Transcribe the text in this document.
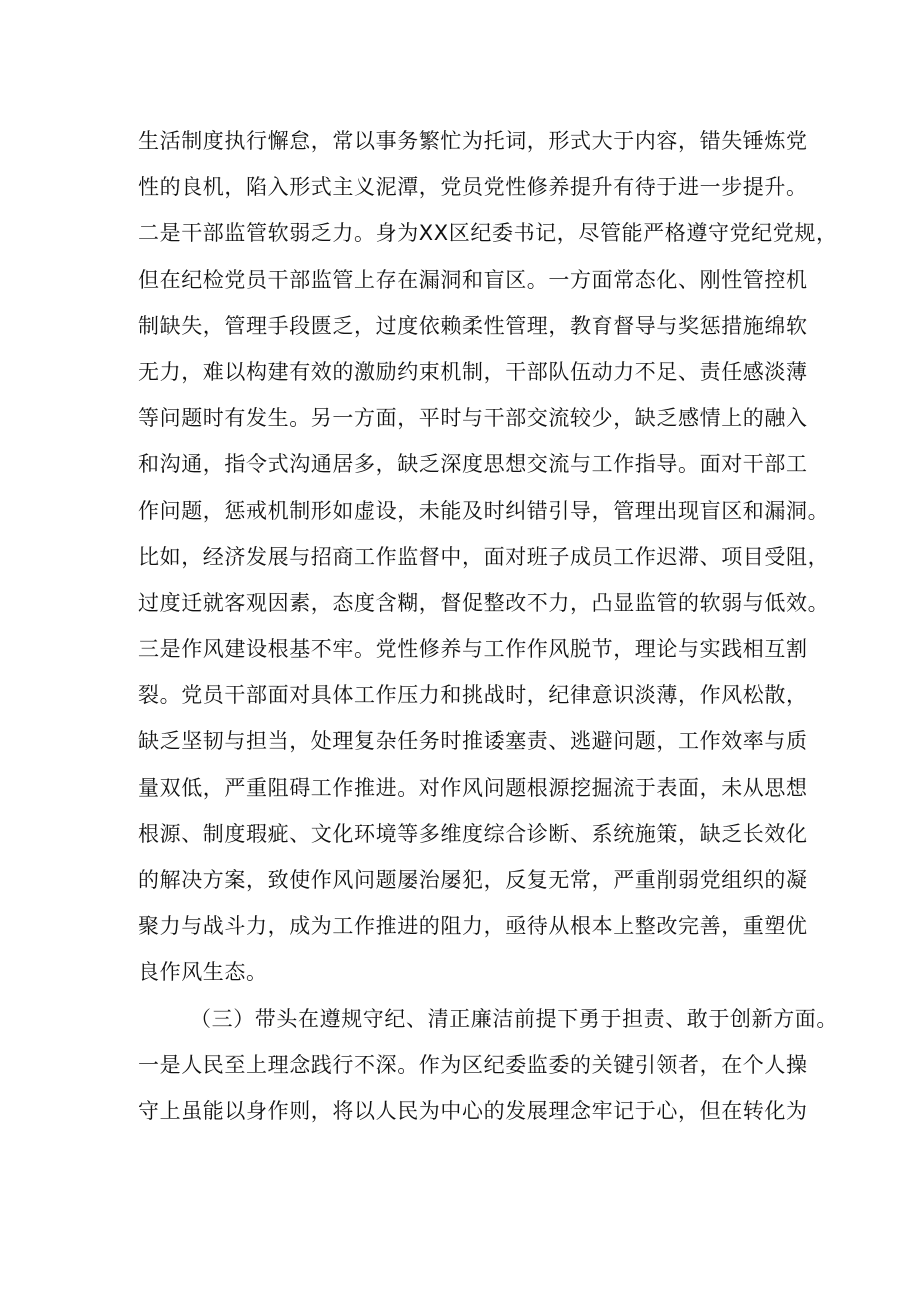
生活制度执行懈怠，常以事务繁忙为托词，形式大于内容，错失锤炼党
性的良机，陷入形式主义泥潭，党员党性修养提升有待于进一步提升。
二是干部监管软弱乏力。身为XX区纪委书记，尽管能严格遵守党纪党规，
但在纪检党员干部监管上存在漏洞和盲区。一方面常态化、刚性管控机
制缺失，管理手段匮乏，过度依赖柔性管理，教育督导与奖惩措施绵软
无力，难以构建有效的激励约束机制，干部队伍动力不足、责任感淡薄
等问题时有发生。另一方面，平时与干部交流较少，缺乏感情上的融入
和沟通，指令式沟通居多，缺乏深度思想交流与工作指导。面对干部工
作问题，惩戒机制形如虚设，未能及时纠错引导，管理出现盲区和漏洞。
比如，经济发展与招商工作监督中，面对班子成员工作迟滞、项目受阻，
过度迁就客观因素，态度含糊，督促整改不力，凸显监管的软弱与低效。
三是作风建设根基不牢。党性修养与工作作风脱节，理论与实践相互割
裂。党员干部面对具体工作压力和挑战时，纪律意识淡薄，作风松散，
缺乏坚韧与担当，处理复杂任务时推诿塞责、逃避问题，工作效率与质
量双低，严重阻碍工作推进。对作风问题根源挖掘流于表面，未从思想
根源、制度瑕疵、文化环境等多维度综合诊断、系统施策，缺乏长效化
的解决方案，致使作风问题屡治屡犯，反复无常，严重削弱党组织的凝
聚力与战斗力，成为工作推进的阻力，亟待从根本上整改完善，重塑优
良作风生态。
（三）带头在遵规守纪、清正廉洁前提下勇于担责、敢于创新方面。
一是人民至上理念践行不深。作为区纪委监委的关键引领者，在个人操
守上虽能以身作则，将以人民为中心的发展理念牢记于心，但在转化为
